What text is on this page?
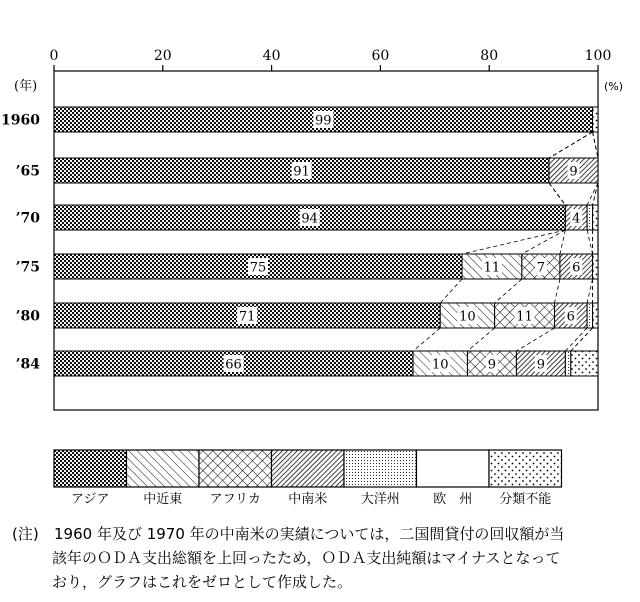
0	20	40	60	80	100
(%)
(年)
1960	99
’65	91	9
’70	94	4
’75	75	11	7 6
’80	71	10	11	6
’84	66	10	9	9
アジア	中近東 アフリカ 中南米	大洋州	欧　州 分類不能
(注)	1960 年及び 1970 年の中南米の実績については，二国間貸付の回収額が当
該年のＯＤＡ支出総額を上回ったため，ＯＤＡ支出純額はマイナスとなって
おり，グラフはこれをゼロとして作成した。
